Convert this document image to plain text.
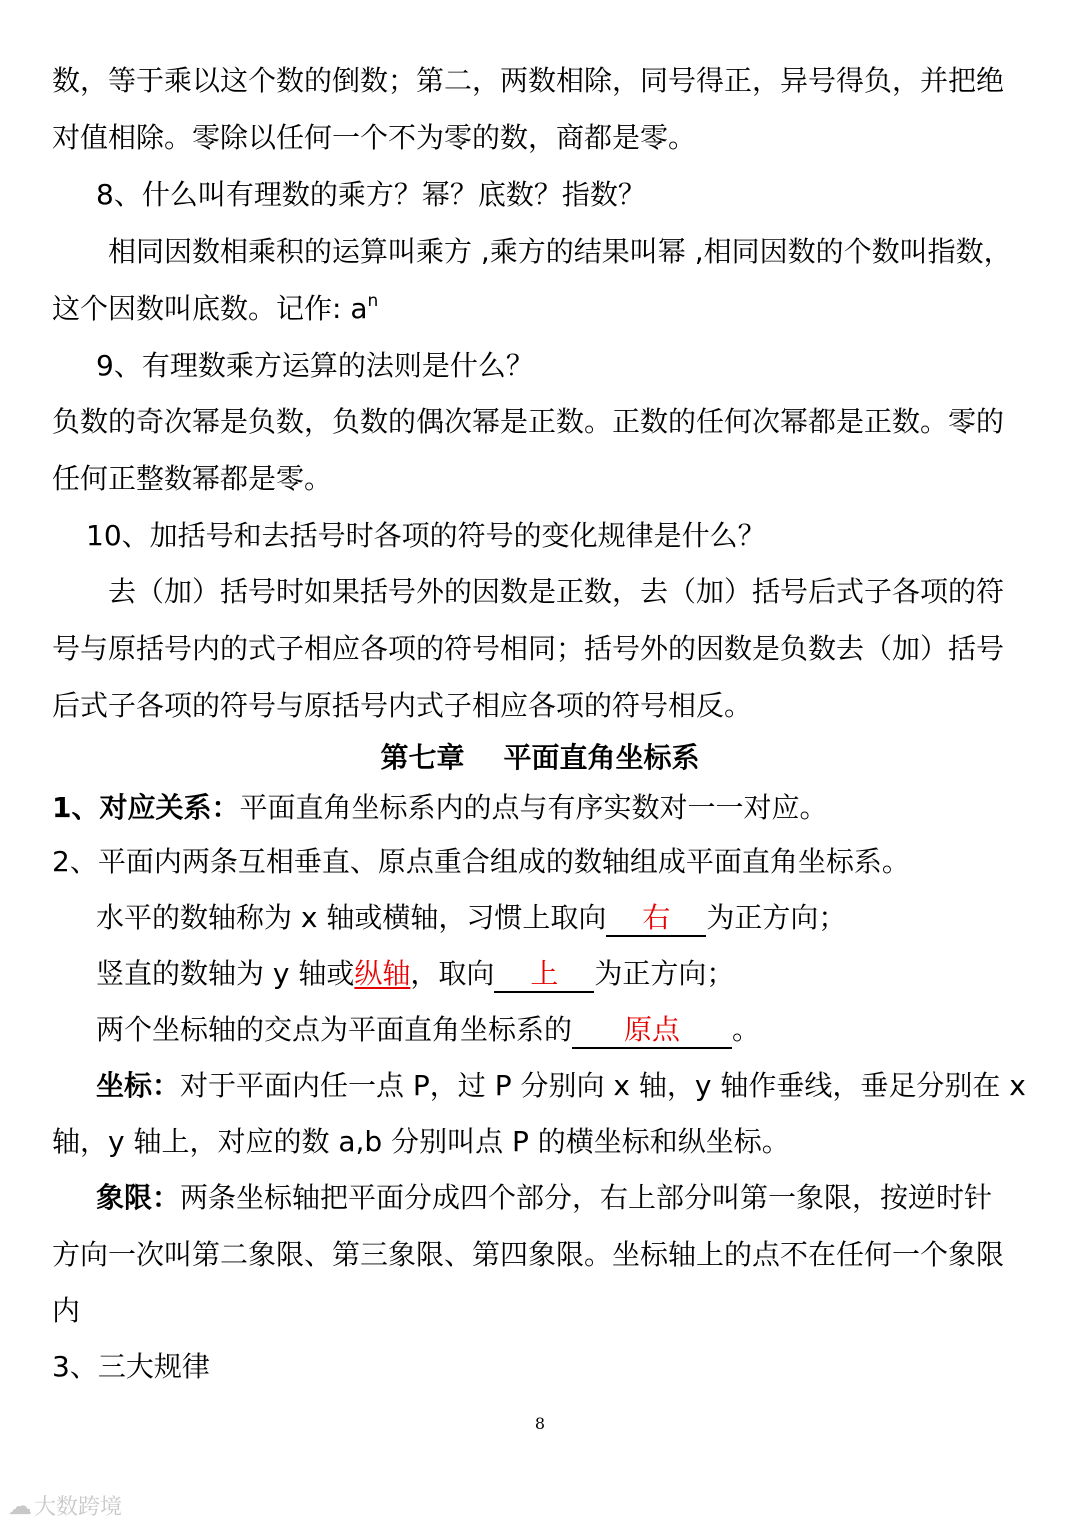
数，等于乘以这个数的倒数；第二，两数相除，同号得正，异号得负，并把绝
对值相除。零除以任何一个不为零的数，商都是零。
8、什么叫有理数的乘方？幂？底数？指数？
相同因数相乘积的运算叫乘方 ,乘方的结果叫幂 ,相同因数的个数叫指数，
这个因数叫底数。记作: $a^n$
9、有理数乘方运算的法则是什么？
负数的奇次幂是负数，负数的偶次幂是正数。正数的任何次幂都是正数。零的
任何正整数幂都是零。
10、加括号和去括号时各项的符号的变化规律是什么？
去（加）括号时如果括号外的因数是正数，去（加）括号后式子各项的符
号与原括号内的式子相应各项的符号相同；括号外的因数是负数去（加）括号
后式子各项的符号与原括号内式子相应各项的符号相反。
第七章    平面直角坐标系
1、对应关系：平面直角坐标系内的点与有序实数对一一对应。
2、平面内两条互相垂直、原点重合组成的数轴组成平面直角坐标系。
水平的数轴称为 x 轴或横轴，习惯上取向 右 为正方向；
竖直的数轴为 y 轴或纵轴，取向 上 为正方向；
两个坐标轴的交点为平面直角坐标系的 原点 。
坐标：对于平面内任一点 P，过 P 分别向 x 轴，y 轴作垂线，垂足分别在 x
轴，y 轴上，对应的数 a,b 分别叫点 P 的横坐标和纵坐标。
象限：两条坐标轴把平面分成四个部分，右上部分叫第一象限，按逆时针
方向一次叫第二象限、第三象限、第四象限。坐标轴上的点不在任何一个象限
内
3、三大规律
8
☁大数跨境
